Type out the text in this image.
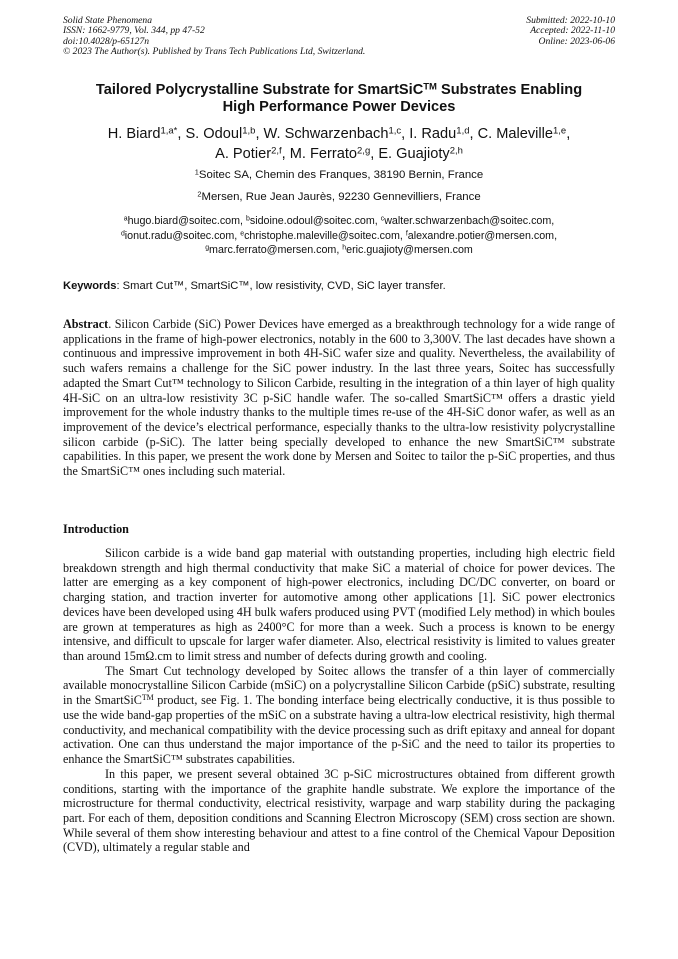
Solid State Phenomena
ISSN: 1662-9779, Vol. 344, pp 47-52
doi:10.4028/p-65127n
© 2023 The Author(s). Published by Trans Tech Publications Ltd, Switzerland.
Submitted: 2022-10-10
Accepted: 2022-11-10
Online: 2023-06-06
Tailored Polycrystalline Substrate for SmartSiC™ Substrates Enabling
High Performance Power Devices
H. Biard$^{1,a*}$, S. Odoul$^{1,b}$, W. Schwarzenbach$^{1,c}$, I. Radu$^{1,d}$, C. Maleville$^{1,e}$,
A. Potier$^{2,f}$, M. Ferrato$^{2,g}$, E. Guajioty$^{2,h}$
$^1$Soitec SA, Chemin des Franques, 38190 Bernin, France
$^2$Mersen, Rue Jean Jaurès, 92230 Gennevilliers, France
$^a$hugo.biard@soitec.com, $^b$sidoine.odoul@soitec.com, $^c$walter.schwarzenbach@soitec.com,
$^d$ionut.radu@soitec.com, $^e$christophe.maleville@soitec.com, $^f$alexandre.potier@mersen.com,
$^g$marc.ferrato@mersen.com, $^h$eric.guajioty@mersen.com
Keywords: Smart Cut™, SmartSiC™, low resistivity, CVD, SiC layer transfer.
Abstract. Silicon Carbide (SiC) Power Devices have emerged as a breakthrough technology for a wide range of applications in the frame of high-power electronics, notably in the 600 to 3,300V. The last decades have shown a continuous and impressive improvement in both 4H-SiC wafer size and quality. Nevertheless, the availability of such wafers remains a challenge for the SiC power industry. In the last three years, Soitec has successfully adapted the Smart Cut™ technology to Silicon Carbide, resulting in the integration of a thin layer of high quality 4H-SiC on an ultra-low resistivity 3C p-SiC handle wafer. The so-called SmartSiC™ offers a drastic yield improvement for the whole industry thanks to the multiple times re-use of the 4H-SiC donor wafer, as well as an improvement of the device’s electrical performance, especially thanks to the ultra-low resistivity polycrystalline silicon carbide (p-SiC). The latter being specially developed to enhance the new SmartSiC™ substrate capabilities. In this paper, we present the work done by Mersen and Soitec to tailor the p-SiC properties, and thus the SmartSiC™ ones including such material.
Introduction

Silicon carbide is a wide band gap material with outstanding properties, including high electric field breakdown strength and high thermal conductivity that make SiC a material of choice for power devices. The latter are emerging as a key component of high-power electronics, including DC/DC converter, on board or charging station, and traction inverter for automotive among other applications [1]. SiC power electronics devices have been developed using 4H bulk wafers produced using PVT (modified Lely method) in which boules are grown at temperatures as high as 2400°C for more than a week. Such a process is known to be energy intensive, and difficult to upscale for larger wafer diameter. Also, electrical resistivity is limited to values greater than around 15mΩ.cm to limit stress and number of defects during growth and cooling.

The Smart Cut technology developed by Soitec allows the transfer of a thin layer of commercially available monocrystalline Silicon Carbide (mSiC) on a polycrystalline Silicon Carbide (pSiC) substrate, resulting in the SmartSiC™ product, see Fig. 1. The bonding interface being electrically conductive, it is thus possible to use the wide band-gap properties of the mSiC on a substrate having a ultra-low electrical resistivity, high thermal conductivity, and mechanical compatibility with the device processing such as drift epitaxy and anneal for dopant activation. One can thus understand the major importance of the p-SiC and the need to tailor its properties to enhance the SmartSiC™ substrates capabilities.

In this paper, we present several obtained 3C p-SiC microstructures obtained from different growth conditions, starting with the importance of the graphite handle substrate. We explore the importance of the microstructure for thermal conductivity, electrical resistivity, warpage and warp stability during the packaging part. For each of them, deposition conditions and Scanning Electron Microscopy (SEM) cross section are shown. While several of them show interesting behaviour and attest to a fine control of the Chemical Vapour Deposition (CVD), ultimately a regular stable and
